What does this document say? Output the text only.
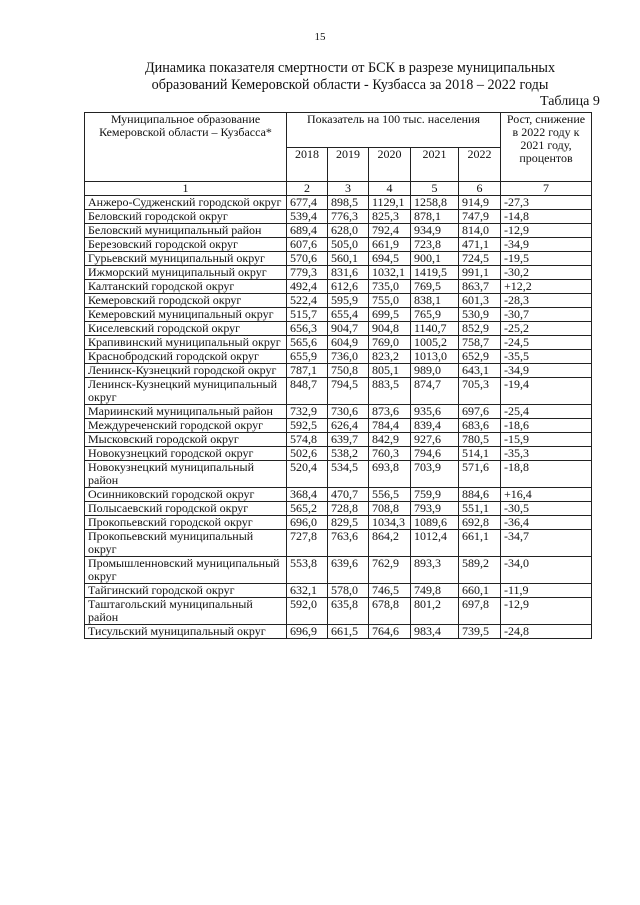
15
Динамика показателя смертности от БСК в разрезе муниципальных
образований Кемеровской области - Кузбасса за 2018 – 2022 годы
Таблица 9
Муниципальное образование Кемеровской области – Кузбасса*	Показатель на 100 тыс. населения					Рост, снижение в 2022 году к 2021 году, процентов
	2018	2019	2020	2021	2022	
1	2	3	4	5	6	7
Анжеро-Судженский городской округ	677,4	898,5	1129,1	1258,8	914,9	-27,3
Беловский городской округ	539,4	776,3	825,3	878,1	747,9	-14,8
Беловский муниципальный район	689,4	628,0	792,4	934,9	814,0	-12,9
Березовский городской округ	607,6	505,0	661,9	723,8	471,1	-34,9
Гурьевский муниципальный округ	570,6	560,1	694,5	900,1	724,5	-19,5
Ижморский муниципальный округ	779,3	831,6	1032,1	1419,5	991,1	-30,2
Калтанский городской округ	492,4	612,6	735,0	769,5	863,7	+12,2
Кемеровский городской округ	522,4	595,9	755,0	838,1	601,3	-28,3
Кемеровский муниципальный округ	515,7	655,4	699,5	765,9	530,9	-30,7
Киселевский городской округ	656,3	904,7	904,8	1140,7	852,9	-25,2
Крапивинский муниципальный округ	565,6	604,9	769,0	1005,2	758,7	-24,5
Краснобродский городской округ	655,9	736,0	823,2	1013,0	652,9	-35,5
Ленинск-Кузнецкий городской округ	787,1	750,8	805,1	989,0	643,1	-34,9
Ленинск-Кузнецкий муниципальный округ	848,7	794,5	883,5	874,7	705,3	-19,4
Мариинский муниципальный район	732,9	730,6	873,6	935,6	697,6	-25,4
Междуреченский городской округ	592,5	626,4	784,4	839,4	683,6	-18,6
Мысковский городской округ	574,8	639,7	842,9	927,6	780,5	-15,9
Новокузнецкий городской округ	502,6	538,2	760,3	794,6	514,1	-35,3
Новокузнецкий муниципальный район	520,4	534,5	693,8	703,9	571,6	-18,8
Осинниковский городской округ	368,4	470,7	556,5	759,9	884,6	+16,4
Полысаевский городской округ	565,2	728,8	708,8	793,9	551,1	-30,5
Прокопьевский городской округ	696,0	829,5	1034,3	1089,6	692,8	-36,4
Прокопьевский муниципальный округ	727,8	763,6	864,2	1012,4	661,1	-34,7
Промышленновский муниципальный округ	553,8	639,6	762,9	893,3	589,2	-34,0
Тайгинский городской округ	632,1	578,0	746,5	749,8	660,1	-11,9
Таштагольский муниципальный район	592,0	635,8	678,8	801,2	697,8	-12,9
Тисульский муниципальный округ	696,9	661,5	764,6	983,4	739,5	-24,8
